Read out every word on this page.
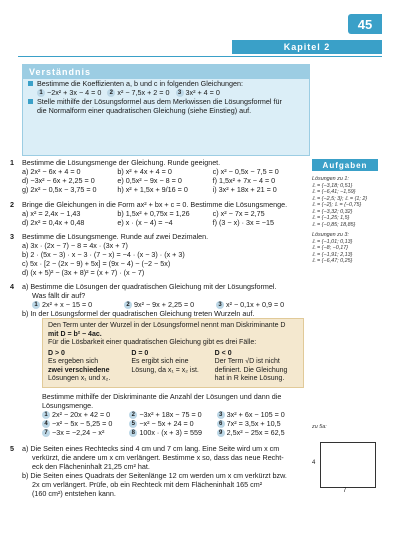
45
Kapitel 2
Verständnis
Bestimme die Koeffizienten a, b und c in folgenden Gleichungen:
1 −2x² + 3x − 4 = 0 2 x² − 7,5x + 2 = 0 3 3x² + 4 = 0
Stelle mithilfe der Lösungsformel aus dem Merkwissen die Lösungsformel für
die Normalform einer quadratischen Gleichung (siehe Einstieg) auf.
Aufgaben
1 Bestimme die Lösungsmenge der Gleichung. Runde geeignet.
a) 2x² − 6x + 4 = 0	b) x² + 4x + 4 = 0	c) x² − 0,5x − 7,5 = 0
d) −3x² − 6x + 2,25 = 0	e) 0,5x² − 9x − 8 = 0	f) 1,5x² + 7x − 4 = 0
g) 2x² − 0,5x − 3,75 = 0	h) x² + 1,5x + 9/16 = 0	i) 3x² + 18x + 21 = 0
2 Bringe die Gleichungen in die Form ax² + bx + c = 0. Bestimme die Lösungsmenge.
a) x² = 2,4x − 1,43	b) 1,5x² + 0,75x = 1,26	c) x² − 7x = 2,75
d) 2x² = 0,4x + 0,48	e) x · (x − 4) = −4	f) (3 − x) · 3x = −15
3 Bestimme die Lösungsmenge. Runde auf zwei Dezimalen.
a) 3x · (2x − 7) − 8 = 4x · (3x + 7)
b) 2 · (5x − 3) · x − 3 · (7 − x) = −4 · (x − 3) · (x + 3)
c) 5x · [2 − (2x − 9) + 5x] = (9x − 4) − (−2 − 5x)
d) (x + 5)² − (3x + 8)² = (x + 7) · (x − 7)
4 a) Bestimme die Lösungen der quadratischen Gleichung mit der Lösungsformel.
Was fällt dir auf?
1 2x² + x − 15 = 0	2 9x² − 9x + 2,25 = 0	3 x² − 0,1x + 0,9 = 0
b) In der Lösungsformel der quadratischen Gleichung treten Wurzeln auf.
Den Term unter der Wurzel in der Lösungsformel nennt man Diskriminante D
mit D = b² − 4ac.
Für die Lösbarkeit einer quadratischen Gleichung gibt es drei Fälle:
D > 0
Es ergeben sich
zwei verschiedene
Lösungen x₁ und x₂.
D = 0
Es ergibt sich eine
Lösung, da x₁ = x₂ ist.
D < 0
Der Term √D ist nicht
definiert. Die Gleichung
hat in R keine Lösung.
Bestimme mithilfe der Diskriminante die Anzahl der Lösungen und dann die
Lösungsmenge.
1 2x² − 20x + 42 = 0	2 −3x² + 18x − 75 = 0	3 3x² + 6x − 105 = 0
4 −x² − 5x − 5,25 = 0	5 −x² − 5x + 24 = 0	6 7x² = 3,5x + 10,5
7 −3x = −2,24 − x²	8 100x · (x + 3) = 559	9 2,5x² − 25x = 62,5
5 a) Die Seiten eines Rechtecks sind 4 cm und 7 cm lang. Eine Seite wird um x cm
verkürzt, die andere um x cm verlängert. Bestimme x so, dass das neue Recht-
eck den Flächeninhalt 21,25 cm² hat.
b) Die Seiten eines Quadrats der Seitenlänge 12 cm werden um x cm verkürzt bzw.
2x cm verlängert. Prüfe, ob ein Rechteck mit dem Flächeninhalt 165 cm²
(160 cm²) entstehen kann.
Lösungen zu 1:
𝕃 = {−3,18; 0,51}
𝕃 = {−6,41; −1,59}
𝕃 = {−2,5; 3}; 𝕃 = {1; 2}
𝕃 = {−2}; 𝕃 = {−0,75}
𝕃 = {−3,32; 0,32}
𝕃 = {−1,25; 1,5}
𝕃 = {−0,85; 18,85}
Lösungen zu 3:
𝕃 = {−1,01; 0,13}
𝕃 = {−8; −0,17}
𝕃 = {−1,91; 2,13}
𝕃 = {−6,47; 0,25}
zu 5a:
4
7
